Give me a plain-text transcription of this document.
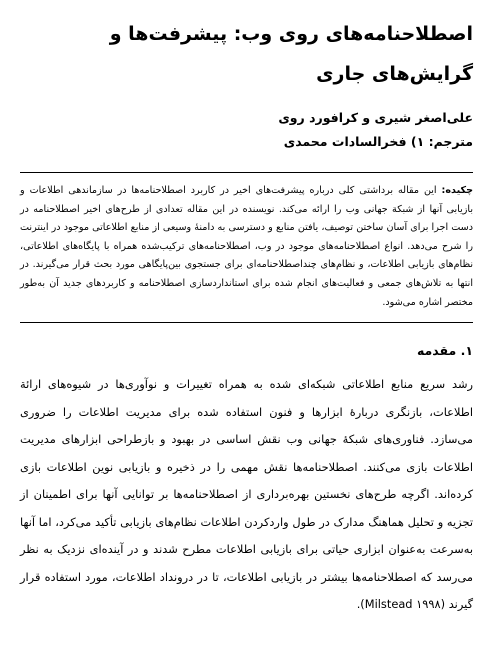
اصطلاحنامه‌های روی وب: پیشرفت‌ها و
گرایش‌های جاری
علی‌اصغر شیری و کرافورد روی
مترجم: ۱) فخرالسادات محمدی
چکیده: این مقاله برداشتی کلی درباره پیشرفت‌های اخیر در کاربرد اصطلاحنامه‌ها در سازماندهی اطلاعات و بازیابی آنها از شبکة جهانی وب را ارائه می‌کند. نویسنده در این مقاله تعدادی از طرح‌های اخیر اصطلاحنامه در دست اجرا برای آسان ساختن توصیف، یافتن منابع و دسترسی به دامنهٔ وسیعی از منابع اطلاعاتی موجود در اینترنت را شرح می‌دهد. انواع اصطلاحنامه‌های موجود در وب، اصطلاحنامه‌های ترکیب‌شده همراه با پایگاه‌های اطلاعاتی، نظام‌های بازیابی اطلاعات، و نظام‌های چنداصطلاحنامه‌ای برای جستجوی بین‌پایگاهی مورد بحث قرار می‌گیرند. در انتها به تلاش‌های جمعی و فعالیت‌های انجام شده برای استانداردسازی اصطلاحنامه و کاربردهای جدید آن به‌طور مختصر اشاره می‌شود.
۱. مقدمه
رشد سریع منابع اطلاعاتی شبکه‌ای شده به همراه تغییرات و نوآوری‌ها در شیوه‌های ارائة اطلاعات، بازنگری دربارهٔ ابزارها و فنون استفاده شده برای مدیریت اطلاعات را ضروری می‌سازد. فناوری‌های شبکهٔ جهانی وب نقش اساسی در بهبود و بازطراحی ابزارهای مدیریت اطلاعات بازی می‌کنند. اصطلاحنامه‌ها نقش مهمی را در ذخیره و بازیابی نوین اطلاعات بازی کرده‌اند. اگرچه طرح‌های نخستین بهره‌برداری از اصطلاحنامه‌ها بر توانایی آنها برای اطمینان از تجزیه و تحلیل هماهنگ مدارک در طول واردکردن اطلاعات نظام‌های بازیابی تأکید می‌کرد، اما آنها به‌سرعت به‌عنوان ابزاری حیاتی برای بازیابی اطلاعات مطرح شدند و در آینده‌ای نزدیک به نظر می‌رسد که اصطلاحنامه‌ها بیشتر در بازیابی اطلاعات، تا در درونداد اطلاعات، مورد استفاده قرار گیرند (Milstead ۱۹۹۸).
